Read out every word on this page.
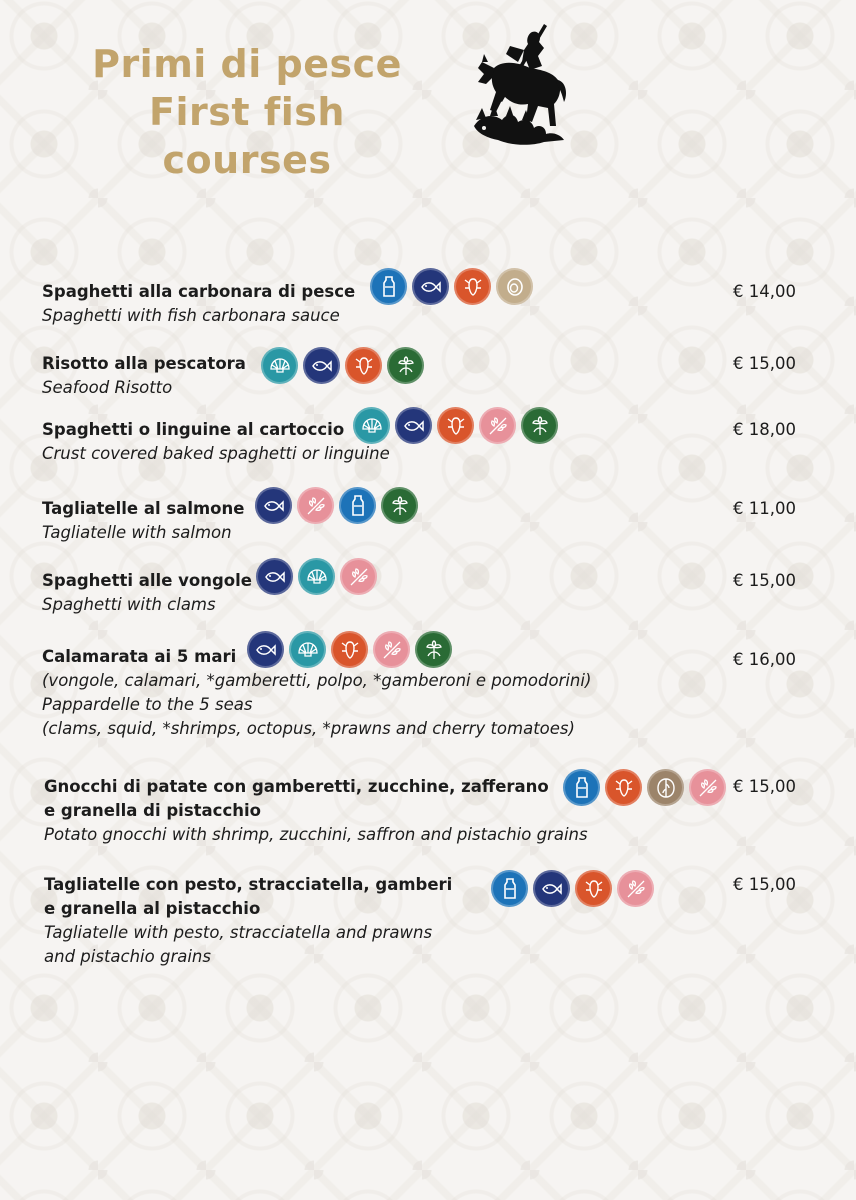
Primi di pesce
First fish courses
Spaghetti alla carbonara di pesce	€ 14,00
Spaghetti with fish carbonara sauce
Risotto alla pescatora	€ 15,00
Seafood Risotto
Spaghetti o linguine al cartoccio	€ 18,00
Crust covered baked spaghetti or linguine
Tagliatelle al salmone	€ 11,00
Tagliatelle with salmon
Spaghetti alle vongole	€ 15,00
Spaghetti with clams
Calamarata ai 5 mari	€ 16,00
(vongole, calamari, *gamberetti, polpo, *gamberoni e pomodorini)
Pappardelle to the 5 seas
(clams, squid, *shrimps, octopus, *prawns and cherry tomatoes)
Gnocchi di patate con gamberetti, zucchine, zafferano	€ 15,00
e granella di pistacchio
Potato gnocchi with shrimp, zucchini, saffron and pistachio grains
Tagliatelle con pesto, stracciatella, gamberi	€ 15,00
e granella al pistacchio
Tagliatelle with pesto, stracciatella and prawns
and pistachio grains
